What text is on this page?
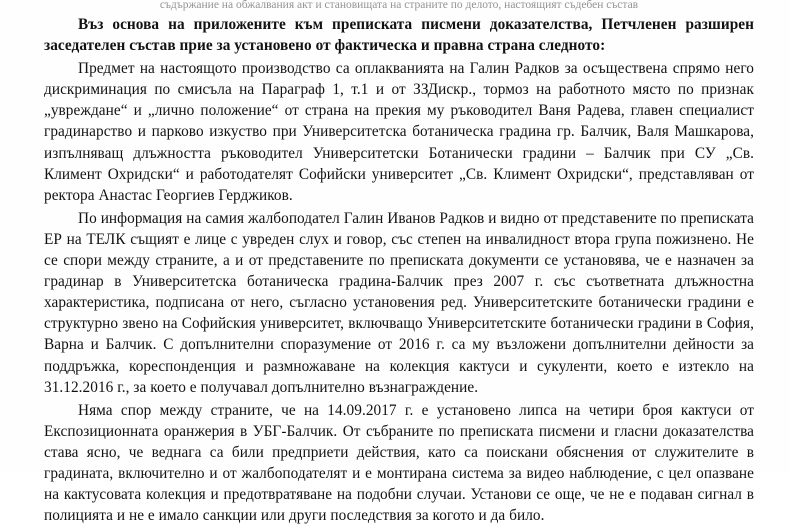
съдържание на обжалвания акт и становищата на страните по делото, настоящият съдебен състав

Въз основа на приложените към преписката писмени доказателства, Петчленен разширен заседателен състав прие за установено от фактическа и правна страна следното:

Предмет на настоящото производство са оплакванията на Галин Радков за осъществена спрямо него дискриминация по смисъла на Параграф 1, т.1 и от ЗЗДискр., тормоз на работното място по признак „увреждане“ и „лично положение“ от страна на прекия му ръководител Ваня Радева, главен специалист градинарство и парково изкуство при Университетска ботаническа градина гр. Балчик, Валя Машкарова, изпълняващ длъжността ръководител Университетски Ботанически градини – Балчик при СУ „Св. Климент Охридски“ и работодателят Софийски университет „Св. Климент Охридски“, представляван от ректора Анастас Георгиев Герджиков.

По информация на самия жалбоподател Галин Иванов Радков и видно от представените по преписката ЕР на ТЕЛК същият е лице с увреден слух и говор, със степен на инвалидност втора група пожизнено. Не се спори между страните, а и от представените по преписката документи се установява, че е назначен за градинар в Университетска ботаническа градина-Балчик през 2007 г. със съответната длъжностна характеристика, подписана от него, съгласно установения ред. Университетските ботанически градини е структурно звено на Софийския университет, включващо Университетските ботанически градини в София, Варна и Балчик. С допълнителни споразумение от 2016 г. са му възложени допълнителни дейности за поддръжка, кореспонденция и размножаване на колекция кактуси и сукуленти, което е изтекло на 31.12.2016 г., за което е получавал допълнително възнаграждение.

Няма спор между страните, че на 14.09.2017 г. е установено липса на четири броя кактуси от Експозиционната оранжерия в УБГ-Балчик. От събраните по преписката писмени и гласни доказателства става ясно, че веднага са били предприети действия, като са поискани обяснения от служителите в градината, включително и от жалбоподателят и е монтирана система за видео наблюдение, с цел опазване на кактусовата колекция и предотвратяване на подобни случаи. Установи се още, че не е подаван сигнал в полицията и не е имало санкции или други последствия за когото и да било.
